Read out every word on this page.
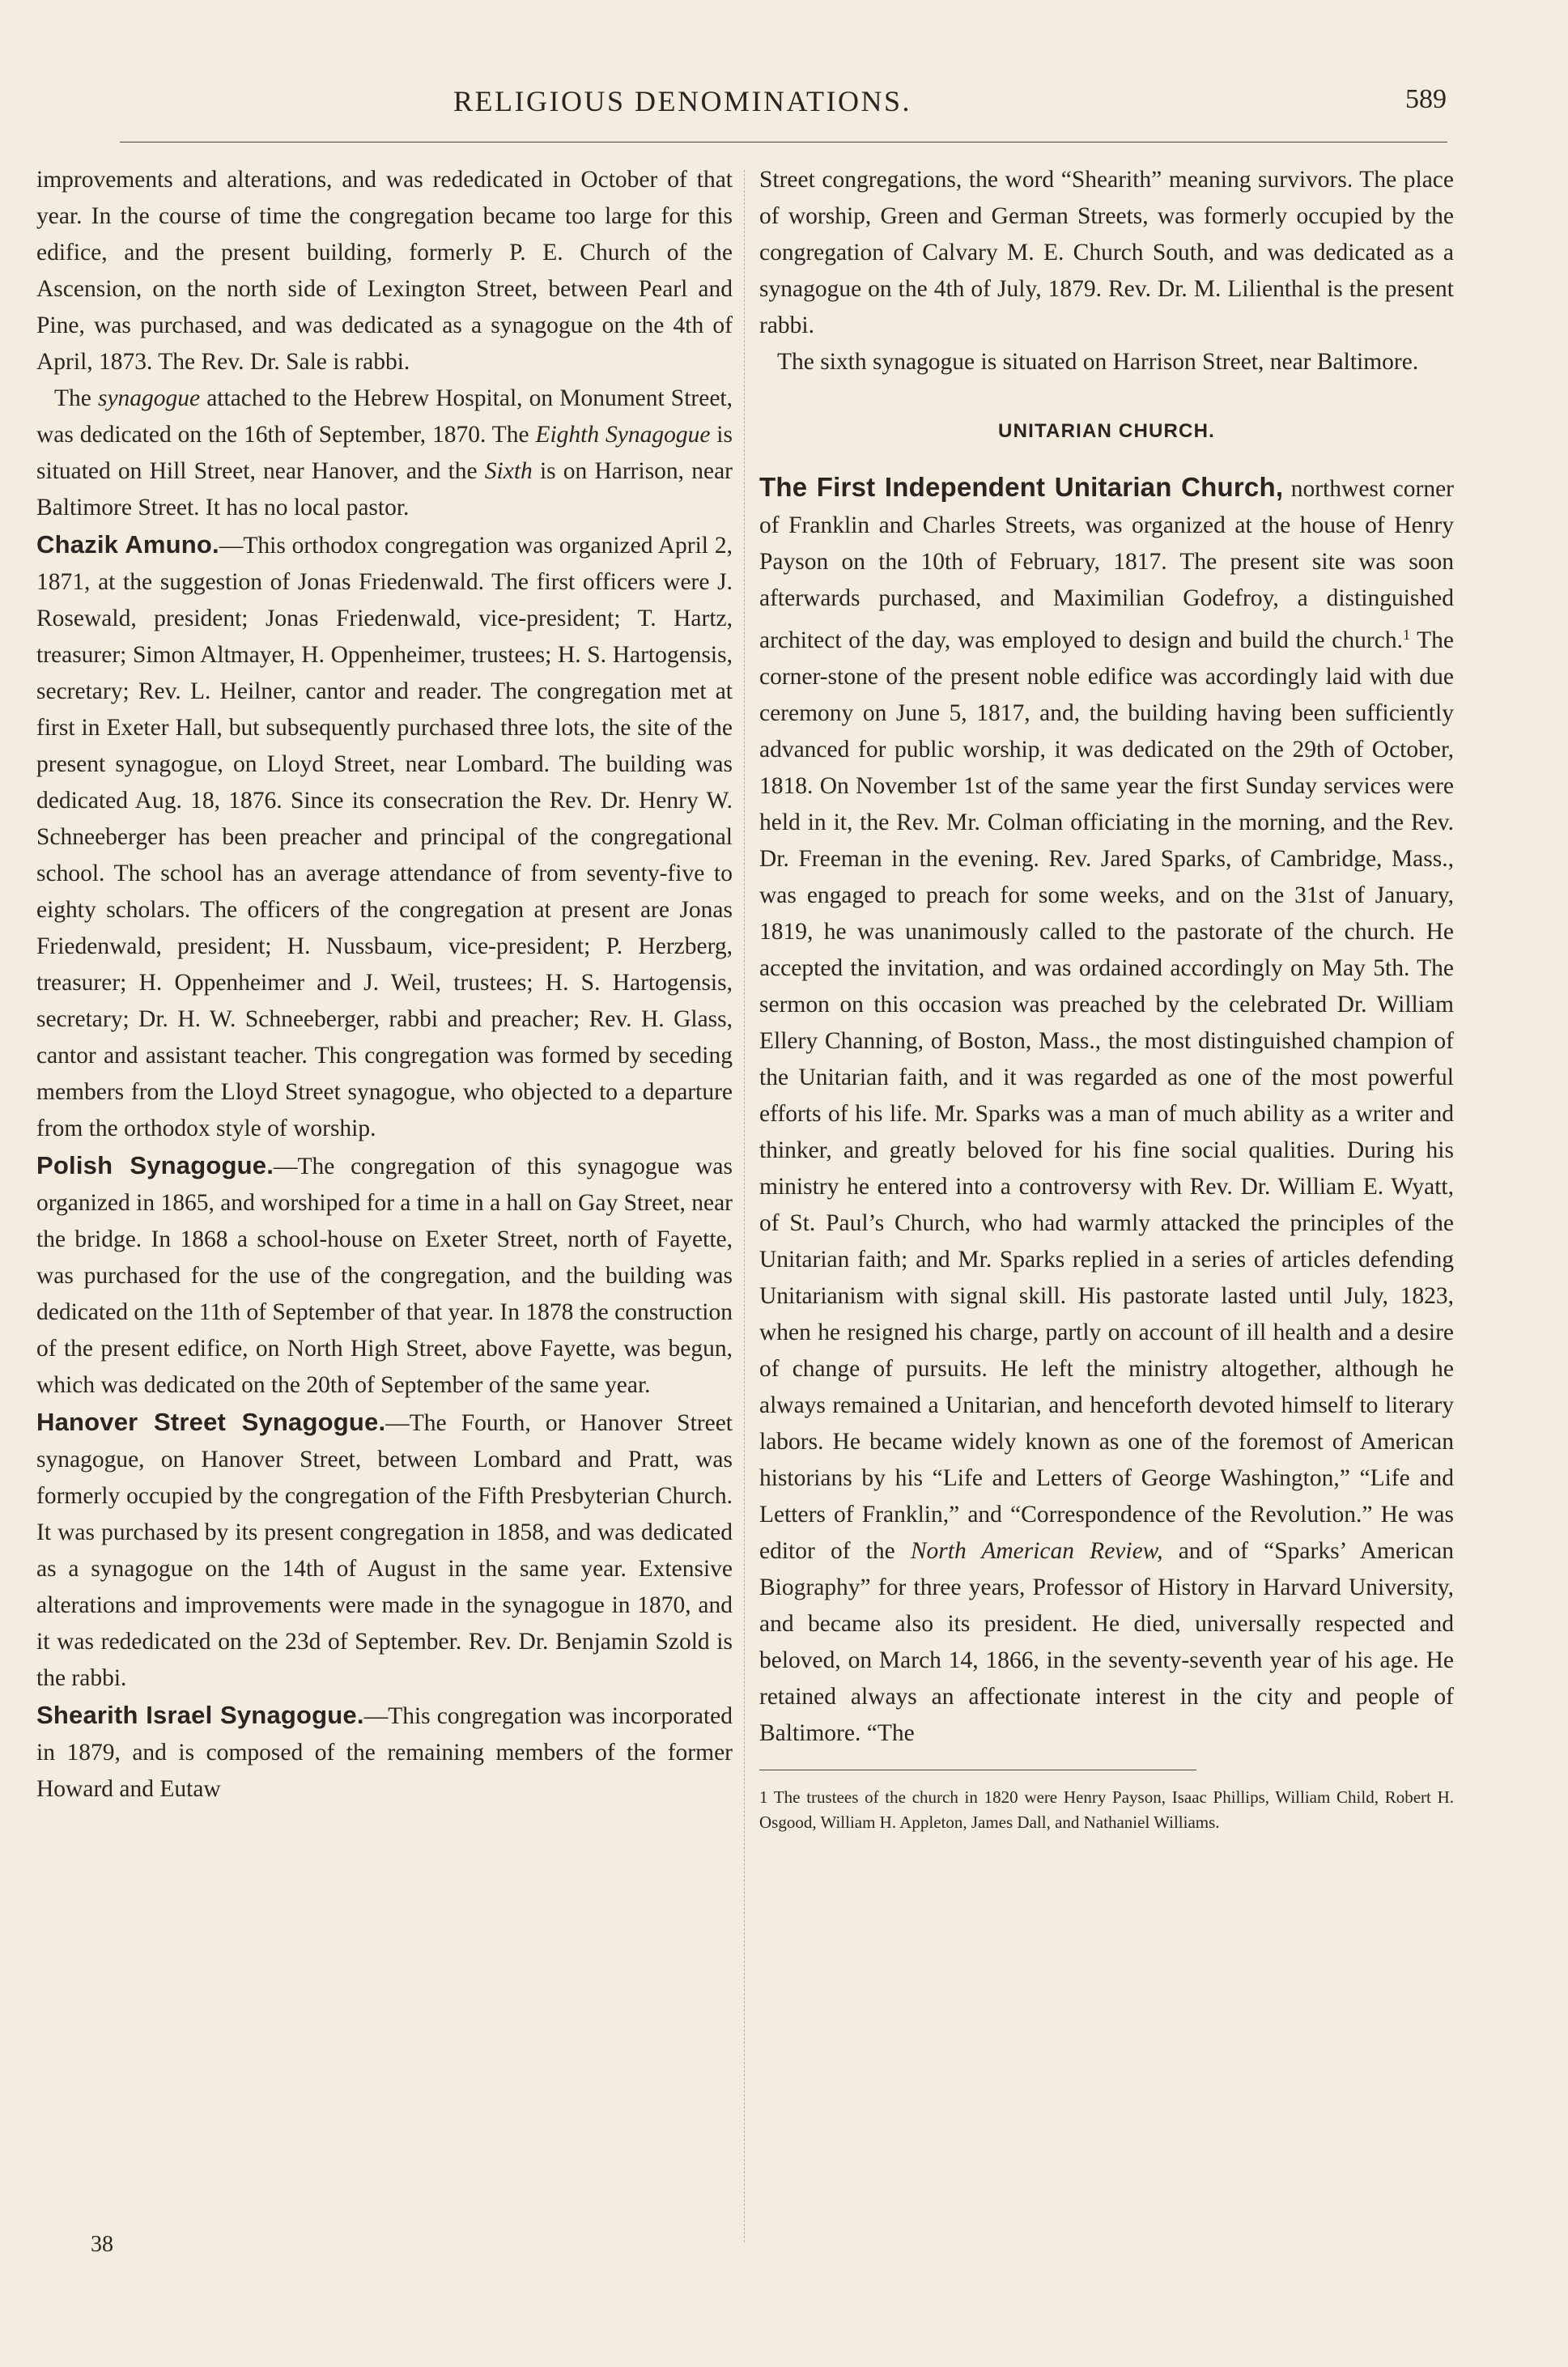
RELIGIOUS DENOMINATIONS.	589

improvements and alterations, and was rededicated in October of that year. In the course of time the congregation became too large for this edifice, and the present building, formerly P. E. Church of the Ascension, on the north side of Lexington Street, between Pearl and Pine, was purchased, and was dedicated as a synagogue on the 4th of April, 1873. The Rev. Dr. Sale is rabbi.

The synagogue attached to the Hebrew Hospital, on Monument Street, was dedicated on the 16th of September, 1870. The Eighth Synagogue is situated on Hill Street, near Hanover, and the Sixth is on Harrison, near Baltimore Street. It has no local pastor.

Chazik Amuno.—This orthodox congregation was organized April 2, 1871, at the suggestion of Jonas Friedenwald. The first officers were J. Rosewald, president; Jonas Friedenwald, vice-president; T. Hartz, treasurer; Simon Altmayer, H. Oppenheimer, trustees; H. S. Hartogensis, secretary; Rev. L. Heilner, cantor and reader. The congregation met at first in Exeter Hall, but subsequently purchased three lots, the site of the present synagogue, on Lloyd Street, near Lombard. The building was dedicated Aug. 18, 1876. Since its consecration the Rev. Dr. Henry W. Schneeberger has been preacher and principal of the congregational school. The school has an average attendance of from seventy-five to eighty scholars. The officers of the congregation at present are Jonas Friedenwald, president; H. Nussbaum, vice-president; P. Herzberg, treasurer; H. Oppenheimer and J. Weil, trustees; H. S. Hartogensis, secretary; Dr. H. W. Schneeberger, rabbi and preacher; Rev. H. Glass, cantor and assistant teacher. This congregation was formed by seceding members from the Lloyd Street synagogue, who objected to a departure from the orthodox style of worship.

Polish Synagogue.—The congregation of this synagogue was organized in 1865, and worshiped for a time in a hall on Gay Street, near the bridge. In 1868 a school-house on Exeter Street, north of Fayette, was purchased for the use of the congregation, and the building was dedicated on the 11th of September of that year. In 1878 the construction of the present edifice, on North High Street, above Fayette, was begun, which was dedicated on the 20th of September of the same year.

Hanover Street Synagogue.—The Fourth, or Hanover Street synagogue, on Hanover Street, between Lombard and Pratt, was formerly occupied by the congregation of the Fifth Presbyterian Church. It was purchased by its present congregation in 1858, and was dedicated as a synagogue on the 14th of August in the same year. Extensive alterations and improvements were made in the synagogue in 1870, and it was rededicated on the 23d of September. Rev. Dr. Benjamin Szold is the rabbi.

Shearith Israel Synagogue.—This congregation was incorporated in 1879, and is composed of the remaining members of the former Howard and Eutaw

38

Street congregations, the word “Shearith” meaning survivors. The place of worship, Green and German Streets, was formerly occupied by the congregation of Calvary M. E. Church South, and was dedicated as a synagogue on the 4th of July, 1879. Rev. Dr. M. Lilienthal is the present rabbi.

The sixth synagogue is situated on Harrison Street, near Baltimore.

UNITARIAN CHURCH.

The First Independent Unitarian Church, northwest corner of Franklin and Charles Streets, was organized at the house of Henry Payson on the 10th of February, 1817. The present site was soon afterwards purchased, and Maximilian Godefroy, a distinguished architect of the day, was employed to design and build the church.$^1$ The corner-stone of the present noble edifice was accordingly laid with due ceremony on June 5, 1817, and, the building having been sufficiently advanced for public worship, it was dedicated on the 29th of October, 1818. On November 1st of the same year the first Sunday services were held in it, the Rev. Mr. Colman officiating in the morning, and the Rev. Dr. Freeman in the evening. Rev. Jared Sparks, of Cambridge, Mass., was engaged to preach for some weeks, and on the 31st of January, 1819, he was unanimously called to the pastorate of the church. He accepted the invitation, and was ordained accordingly on May 5th. The sermon on this occasion was preached by the celebrated Dr. William Ellery Channing, of Boston, Mass., the most distinguished champion of the Unitarian faith, and it was regarded as one of the most powerful efforts of his life. Mr. Sparks was a man of much ability as a writer and thinker, and greatly beloved for his fine social qualities. During his ministry he entered into a controversy with Rev. Dr. William E. Wyatt, of St. Paul’s Church, who had warmly attacked the principles of the Unitarian faith; and Mr. Sparks replied in a series of articles defending Unitarianism with signal skill. His pastorate lasted until July, 1823, when he resigned his charge, partly on account of ill health and a desire of change of pursuits. He left the ministry altogether, although he always remained a Unitarian, and henceforth devoted himself to literary labors. He became widely known as one of the foremost of American historians by his “Life and Letters of George Washington,” “Life and Letters of Franklin,” and “Correspondence of the Revolution.” He was editor of the North American Review, and of “Sparks’ American Biography” for three years, Professor of History in Harvard University, and became also its president. He died, universally respected and beloved, on March 14, 1866, in the seventy-seventh year of his age. He retained always an affectionate interest in the city and people of Baltimore. “The

1 The trustees of the church in 1820 were Henry Payson, Isaac Phillips, William Child, Robert H. Osgood, William H. Appleton, James Dall, and Nathaniel Williams.
